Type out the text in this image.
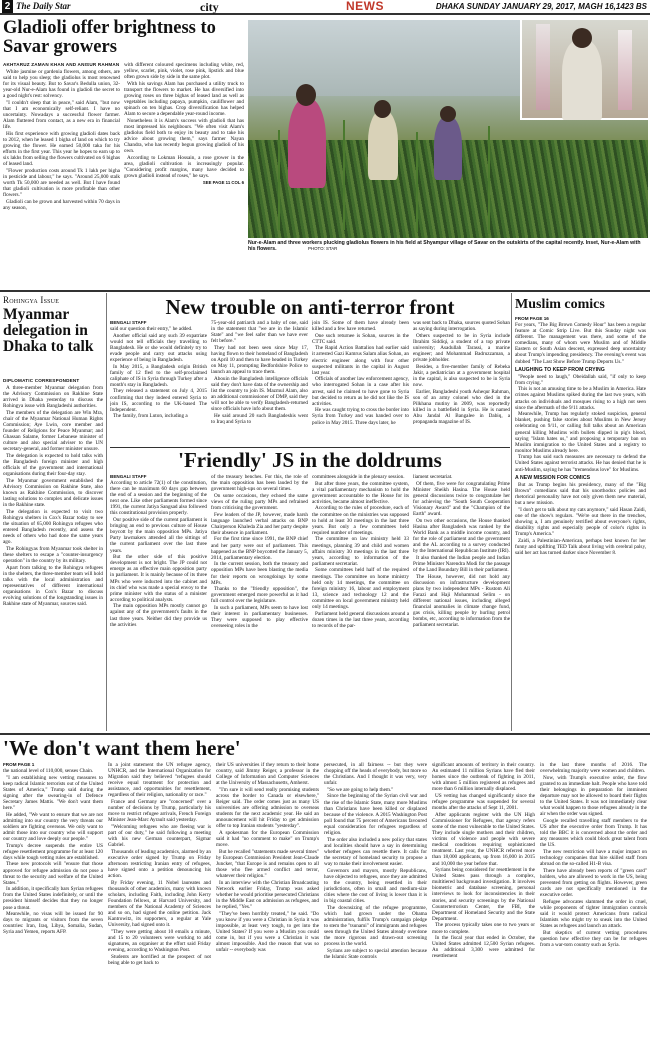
2 The Daily Star	city	NEWS	DHAKA SUNDAY JANUARY 29, 2017, MAGH 16,1423 BS
Gladioli offer brightness to Savar growers
AKHTARUZ ZAMAN KHAN AND ANISUR RAHMAN

White jasmine or gardenia flowers, among others, are said to help you sleep; the gladiolus is most renowned for its visual beauty. But to Savar's Bedulla union, 32-year-old Nur-e-Alam has found in gladioli the secret to a good night's rest: solvency.

"I couldn't sleep that in peace," said Alam, "but now that I am economically self-reliant. I have no uncertainty. Nowadays a successful flower farmer. Alam fluttered from contact, as a new era in financial life.

His first experience with growing gladioli dates back to 2012, when he leased 1 bigha of land on which to try growing the flower. He earned 50,000 taka for his efforts in the first year. This year he hopes to earn up to six lakhs from selling the flowers cultivated on 6 bighas of leased land.

"Flower production costs around Tk 1 lakh per bigha in pesticide and labour," he says. "Around 25,000 stalk worth Tk 50,000 are needed as well. But I have found that gladioli cultivation is more profitable than other flowers."

Gladioli can be grown and harvested within 70 days in any season,

with different coloured specimens including white, red, yellow, scarlet, pink, violet, rose pink, lipstick and blue often grown side by side in the same plot.

With his savings Alam has purchased a utility truck to transport the flowers to market. He has diversified into growing roses on three bighas of leased land as well as vegetables including papaya, pumpkin, cauliflower and spinach on ten bighas. Crop diversification has helped Alam to secure a dependable year-round income.

Nonetheless it is Alam's success with gladioli that has most impressed his neighbours. "We often visit Alam's gladiolus field both to enjoy its beauty and to take his advice about growing them," says farmer Nayan Chandra, who has recently begun growing gladioli of his own.

According to Lokman Hossain, a rose grower in the area, gladioli cultivation is increasingly popular. "Considering profit margins, many have decided to grown gladioli instead of roses," he says.

SEE PAGE 11 COL 6
Nur-e-Alam and three workers plucking gladiolus flowers in his field at Shyampur village of Savar on the outskirts of the capital recently. Inset, Nur-e-Alam with his flowers.	PHOTO: STAR
Rohingya Issue
Myanmar delegation in Dhaka to talk
DIPLOMATIC CORRESPONDENT

A three-member Myanmar delegation from the Advisory Commission on Rakhine State arrived in Dhaka yesterday to discuss the Rohingya issue with Bangladeshi authorities.

The members of the delegation are Win Mra, chair of the Myanmar National Human Rights Commission; Aye Lwin, core member and founder of Religions for Peace Myanmar; and Ghassan Salame, former Lebanese minister of culture and also special adviser to the UN secretary-general, and former minister unsure.

The delegation is expected to hold talks with the Bangladesh foreign minister and high officials of the government and international organisations during their four-day stay.

The Myanmar government established the Advisory Commission on Rakhine State, also known as Rakhine Commission, to discover lasting solutions to complex and delicate issues in the Rakhine state.

The delegation is expected to visit two Rohingya shelters in Cox's Bazar today to see the situation of 65,000 Rohingya refugees who entered Bangladesh recently, and assess the needs of others who had done the same years ago.

The Rohingyas from Myanmar took shelter in these shelters to escape a "counter-insurgency operation" in the country by its military.

Apart from talking to the Rohingya refugees in the shelters, the three-member team will hold talks with the local administration and representatives of different international organisations in Cox's Bazar to discuss evolving solutions of the longstanding issues in Rakhine state of Myanmar, sources said.

New trouble on anti-terror front
BENGALI STAFF

said our question their entry," he added.

Another official said any such 39 expatriate would not tell officials they travelling to Bangladesh. He or she would definitely try to evade people and carry out attacks using experience of being in Bangladesh.

In May 2015, a Bangladesh origin British family of 12 fled to the self-proclaimed caliphate of IS in Syria through Turkey after a month's stay in Bangladesh.

They released a statement on July 4, 2015 confirming that they indeed entered Syria to join IS, according to the UK-based The Independent.

The family, from Luton, including a

75-year-old patriarch and a baby of one, said in the statement that "we are in the Islamic State" and "we feel safer than we have ever felt before."

They had not been seen since May 17, having flown to their homeland of Bangladesh on April 10 and then to have headed in Turkey on May 11, prompting Bedfordshire Police to launch an appeal to trace them.

Abouin the Bangladesh intelligence officials said they don't have data of the ownership and list the country to join IS. Mazmul Alam, also an additional commissioner of DMP, said they will not be able to verify Bangladesh-returned since officials have info about them.

He said around 20 such Bangladeshis went to Iraq and Syria to

join IS. Some of them have already been killed and a few have returned.

One such returnee is Sohan, sources in the CTTC said.

The Rapid Action Battalion had earlier said it arrested Gazi Kamrus Salam alias Sohan, an electric engineer along with four other suspected militants in the capital in August last year.

Officials of another law enforcement agency, who interrogated Sohan in a case after his arrest, said he claimed to have gone to Syria but decided to return as he did not like the IS activities.

He was caught trying to cross the border into Syria from Turkey and was handed over to police in May 2015. Three days later, he

was sent back to Dhaka, sources quoted Sohan as saying during interrogation.

Others suspected to be in Syria include Ibrahim Siddiqi, a student of a top private university; Asadullah Tarassi, a marine engineer; and Mohammad Badruzzaman, a private jobholder.

Besides, a five-member family of Rebeka Jakir, a pediatrician at a government hospital in the capital, is also suspected to be in Syria now.

Earlier, Bangladeshi youth Ashequr Rahman, son of an army colonel who died in the Pilkhana mutiny in 2009, was reportedly killed in a battlefield in Syria. He is named Abu Jandal Al Bangalee in Dabiq, a propaganda magazine of IS.

'Friendly' JS in the doldrums
BENGALI STAFF

According to article 72(1) of the constitution, there can be maximum 60 days gap between the end of a session and the beginning of the next one. Like other parliaments formed since 1991, the current Jatiya Sangsad also followed this constitutional provision properly.

Our positive side of the current parliament is bringing an end to previous culture of House boycott by the main opposition MPs. Jatiya Party lawmakers attended all the sittings of the current parliament over the last three years.

But the other side of this positive development is not bright. The JP could not emerge as an effective main opposition party in parliament. It is mainly because of its three MPs who were inducted into the cabinet and its chief who was made a special envoy to the prime minister with the status of a minister according to political analysts.

The main opposition MPs mostly cannot go against any of the government's faults in the last three years. Neither did they provide us the activities

of the treasury benches. For this, the role of the main opposition has been lauded by the government high-ups on several times.

On some occasions, they echoed the same views of the ruling party MPs and refrained from criticising the government.

Few leaders of the JP, however, made harsh language launched verbal attacks on BNP Chairperson Khaleda Zia and her party despite their absence in parliament.

For the first time since 1991, the BNP chief and her party were out of parliament. This happened as the BNP boycotted the January 5, 2014, parliamentary election.

In the current session, both the treasury and opposition MPs have been blasting the media for their reports on wrongdoings by some MPs.

Thanks to the "friendly opposition", the government emerged more powerful as it had full control over the legislature.

In such a parliament, MPs seem to have lost their interest in parliamentary businesses. They were supposed to play effective overseeing roles in the

committees alongside in the plenary session.

But after three years, the committee system, a vital parliamentary mechanism to hold the government accountable to the House for its activities, became almost ineffective.

According to the rules of procedure, each of the committee on the ministries was supposed to hold at least 30 meetings in the last three years. But only a few committees held required number of meetings.

The committee on law ministry held 33 meetings, planning 39 and child and women affairs ministry 30 meetings in the last three years, according to information of the parliament secretariat.

Some committees held half of the required meetings. The committee on home ministry held only 14 meetings, the committee on foreign ministry 16, labour and employment 13, science and technology 12 and the committee on local government ministry held only 14 meetings.

Parliament held general discussions around a dozen times in the last three years, according to records of the par-

liament secretariat.

Of them, five were for congratulating Prime Minister Sheikh Hasina. The House held general discussions twice to congratulate her for achieving the "South South Cooperation Visionary Award" and the "Champion of the Earth" award.

On two other occasions, the House thanked Hasina after Bangladesh was ranked by the World Bank as a middle income country, and for the role of parliament and the government and the AL according to a survey conducted by the International Republican Institute (IRI).

It also thanked the Indian people and Indian Prime Minister Narendra Modi for the passage of the Land Boundary Bill in their parliament.

The House, however, did not hold any discussion on infrastructure development plans by two independent MPs - Rustom Ali Farazi and Haji Mohammad Selim - on different national issues, including alleged financial anomalies in climate change fund, gas crisis, killing people by hurling petrol bombs, etc, according to information from the parliament secretariat.

Muslim comics
FROM PAGE 16

For years, "The Big Brown Comedy Hour" has been a regular feature at Comic Strip Live. But this Sunday night was different. The management was there, and some of the comedians, many of whom were Muslim and of Middle Eastern or South Asian descent, expressed deep uncertainty about Trump's impending presidency. The evening's event was dubbed "The Last Show Before Trump Deports Us."

LAUGHING TO KEEP FROM CRYING

"People need to laugh," Obeidallah said, "if only to keep from crying."

This is not an amusing time to be a Muslim in America. Hate crimes against Muslims spiked during the last two years, with attacks on individuals and mosques rising to a high not seen since the aftermath of the 9/11 attacks.

Meanwhile, Trump has regularly stoked suspicion, general blanket, pushing false stories about Muslims in New Jersey celebrating on 9/11, or calling full talks about an American general killing Muslims with bullets dipped in pig's blood, saying "Islam hates us," and proposing a temporary ban on Muslim immigration to the United States and a registry to monitor Muslims already here.

Trump has said such measures are necessary to defend the United States against terrorist attacks. He has denied that he is anti-Muslim, saying he has "tremendous love" for Muslims.

A NEW MISSION FOR COMICS

But as Trump begins his presidency, many of the "Big Brown" comedians said that his unorthodox policies and rhetorical personality have not only given them new material, but a new mission.

"I don't get to talk about my cats anymore," said Hasan Zaidi, one of the show's regulars. "We're out there in the trenches, showing a, I am genuinely terrified about everyone's rights, disability rights and especially people of color's rights in Trump's America."

Zaidi, a Palestinian-American, perhaps best known for her funny and uplifting TED Talk about living with cerebral palsy, said her act has turned darker since November 8.

'We don't want them here'
FROM PAGE 1

the national level of 110,000, senses Chain.

"I am establishing new vetting measures to keep radical Islamic terrorists out of the United States of America," Trump said during the signing after the swearing-in of Defence Secretary James Mattis. "We don't want them here."

He added, "We want to ensure that we are not admitting into our country the very threats our soldiers are fighting overseas. We only want to admit those into our country who will support our country and love deeply our people."

Trump's decree suspends the entire US refugee resettlement programme for at least 120 days while tough vetting rules are established.

These new protocols will "ensure that those approved for refugee admission do not pose a threat to the security and welfare of the United States."

In addition, it specifically bars Syrian refugees from the United States indefinitely, or until the president himself decides that they no longer pose a threat.

Meanwhile, no visas will be issued for 90 days to migrants or visitors from the seven countries: Iran, Iraq, Libya, Somalia, Sudan, Syria and Yemen, reports AFP.

In a joint statement the UN refugee agency, UNHCR, and the International Organization for Migration said they believed "refugees should receive equal treatment for protection and assistance, and opportunities for resettlement, regardless of their religion, nationality or race."

France and Germany are "concerned" over a number of decisions by Trump, particularly his move to restrict refugee arrivals, French Foreign Minister Jean-Marc Ayrault said yesterday.

"Welcoming refugees who are fleeing war is part of our duty," he said following a meeting with his new German counterpart, Sigmar Gabriel.

Thousands of leading academics, alarmed by an executive order signed by Trump on Friday afternoon restricting Iranian entry of refugees, have signed onto a petition denouncing his action.

By Friday evening, 11 Nobel laureates and thousands of other academics, many with known scholars, including Faith, including John Kerry Foundation fellows, at Harvard University, and members of the National Academy of Sciences and so on, had signed the online petition. Jack Kantrowitz, its supporters, a regular at Yale University, had signed onto it.

"They were getting about 10 emails a minute, and 15 to 20 volunteers were working to add signatures, an organiser at the effort said Friday evening, according to Washington Post.

Students are horrified at the prospect of not being able to get back to

their US universities if they return to their home country, said Jimmy Reiger, a professor in the College of Information and Computer Sciences at the University of Massachusetts, Amherst.

"I'm sure it will send really promising students across the border to Canada or elsewhere," Reiger said. The order comes just as many US universities are offering admission to overseas students for the next academic year. He said an announcement will hit Friday to get admission offer to top Iranian students "yesterday".

A spokesman for the European Commission said it had "no comment to make" on Trump's move.

But he recalled "statements made several times" by European Commission President Jean-Claude Juncker, "that Europe is and remains open to all those who flee armed conflict and terror, whatever their religion."

In an interview with the Christian Broadcasting Network earlier Friday, Trump was asked whether he would prioritise persecuted Christians in the Middle East on admission as refugees, and he replied, "Yes."

"They've been horribly treated," he said. "Do you know if you were a Christian in Syria it was impossible, at least very tough, to get into the United States? If you were a Muslim you could come in, but if you were a Christian it was almost impossible. And the reason that was so unfair -- everybody was

persecuted, in all fairness -- but they were chopping off the heads of everybody, but more so the Christians. And I thought it was very, very unfair.

"So we are going to help them."

Since the beginning of the Syrian civil war and the rise of the Islamic State, many more Muslims than Christians have been killed or displaced because of the violence. A 2015 Washington Post poll found that 75 percent of Americans favoured equal consideration for refugees regardless of religion.

The order also included a new policy that states and localities should have a say in determining whether refugees can resettle there. It calls for the secretary of homeland security to propose a way to make their involvement easier.

Governors and mayors, mostly Republicans, have objected to refugees, once they are admitted to the country, being resettled in their jurisdictions, often in small and medium-size cities where the cost of living is lower than it is in big coastal cities.

The downsizing of the refugee programme, which had grown under the Obama administration, fulfils Trump's campaign pledge to stem the "tsunami" of immigrants and refugees seen through the United States already overdone the more rigorous and drawn-out screening process in the world.

Syrians are subject to special attention because the Islamic State controls

significant amounts of territory in their country. An estimated 11 million Syrians have fled their homes since the outbreak of fighting in 2011, with almost 5 million registered as refugees and more than 6 million internally displaced.

US vetting has changed significantly since the refugee programme was suspended for several months after the attacks of Sept 11, 2001.

After applicants register with the UN High Commissioner for Refugees, that agency refers some of the most vulnerable to the United States. They include single mothers and their children, victims of violence and people with severe medical conditions requiring sophisticated treatment. Last year, the UNHCR referred more than 18,000 applicants, up from 16,000 in 2015 and 10,000 the year before that.

Syrians being considered for resettlement in the United States pass through a complex, multitiered background investigation. It involves biometric and database screening, personal interviews to look for inconsistencies in their stories, and security screenings by the National Counterterrorism Center, the FBI, the Department of Homeland Security and the State Department.

The process typically takes one to two years or more to complete.

In the fiscal year that ended in October, the United States admitted 12,500 Syrian refugees. An additional 3,300 were admitted for resettlement

in the last three months of 2016. The overwhelming majority were women and children.

Now, with Trump's executive order, the flow granted to an immediate halt. People who have told their belongings in preparation for imminent departure may not be allowed to board their flights to the United States. It was not immediately clear what would happen to those refugees already in the air when the order was signed.

Google recalled travelling staff members to the US after the executive order from Trump. It has told the BBC it is concerned about the order and any measures which could block great talent from the US.

The new restriction will have a major impact on technology companies that hire skilled staff from abroad on the so-called H1-B visa.

There have already been reports of "green card" holders, who are allowed to work in the US, being prevented from getting on flights. However, green cards are not specifically mentioned in the executive order.

Refugee advocates slammed the order in cruel, while proponents of tighter immigration controls said it would protect Americans from radical Islamists who might try to sneak into the United States as refugees and launch an attack.

But skeptics of current vetting procedures question how effective they can be for refugees from a war-torn country such as Syria.
